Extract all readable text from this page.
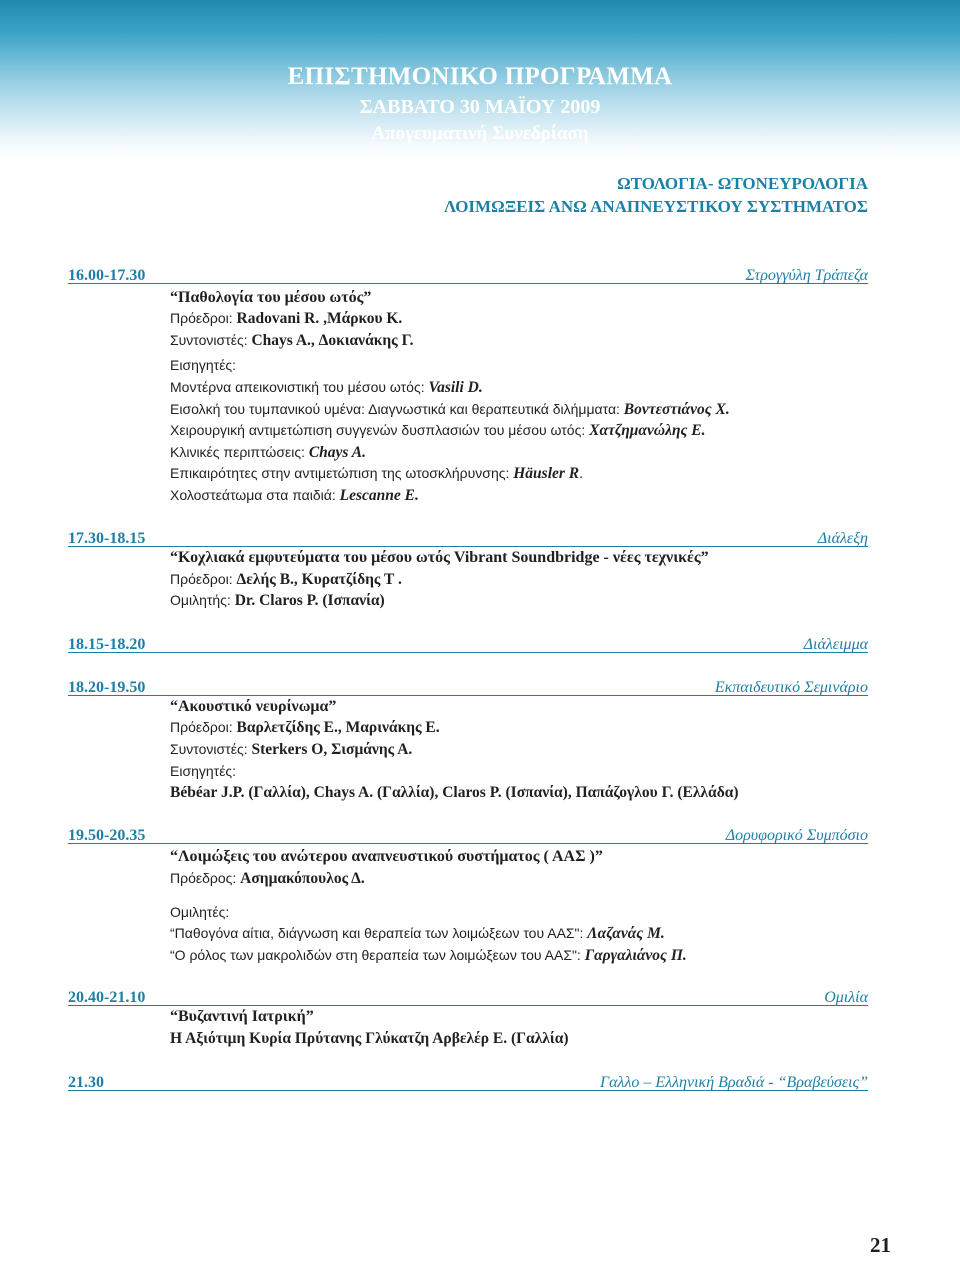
ΕΠΙΣΤΗΜΟΝΙΚΟ ΠΡΟΓΡΑΜΜΑ
ΣΑΒΒΑΤΟ 30 ΜΑΪΟΥ 2009
Απογευματινή Συνεδρίαση
ΩΤΟΛΟΓΙΑ- ΩΤΟΝΕΥΡΟΛΟΓΙΑ
ΛΟΙΜΩΞΕΙΣ ΑΝΩ ΑΝΑΠΝΕΥΣΤΙΚΟΥ ΣΥΣΤΗΜΑΤΟΣ
16.00-17.30	Στρογγύλη Τράπεζα
“Παθολογία του μέσου ωτός”
Πρόεδροι: Radovani R. ,Μάρκου Κ.
Συντονιστές: Chays A., Δοκιανάκης Γ.
Εισηγητές:
Μοντέρνα απεικονιστική του μέσου ωτός: Vasili D.
Εισολκή του τυμπανικού υμένα: Διαγνωστικά και θεραπευτικά διλήμματα: Βοντεστιάνος Χ.
Χειρουργική αντιμετώπιση συγγενών δυσπλασιών του μέσου ωτός: Χατζημανώλης Ε.
Κλινικές περιπτώσεις: Chays A.
Επικαιρότητες στην αντιμετώπιση της ωτοσκλήρυνσης: Häusler R.
Χολοστεάτωμα στα παιδιά: Lescanne E.
17.30-18.15	Διάλεξη
“Κοχλιακά εμφυτεύματα του μέσου ωτός Vibrant Soundbridge - νέες τεχνικές”
Πρόεδροι: Δελής Β., Κυρατζίδης Τ .
Ομιλητής: Dr. Claros P. (Ισπανία)
18.15-18.20	Διάλειμμα
18.20-19.50	Εκπαιδευτικό Σεμινάριο
“Ακουστικό νευρίνωμα”
Πρόεδροι: Βαρλετζίδης Ε., Μαρινάκης Ε.
Συντονιστές: Sterkers O, Σισμάνης Α.
Εισηγητές:
Bébéar J.P. (Γαλλία), Chays A. (Γαλλία), Claros P. (Ισπανία), Παπάζογλου Γ. (Ελλάδα)
19.50-20.35	Δορυφορικό Συμπόσιο
“Λοιμώξεις του ανώτερου αναπνευστικού συστήματος ( ΑΑΣ )”
Πρόεδρος: Ασημακόπουλος Δ.
Ομιλητές:
“Παθογόνα αίτια, διάγνωση και θεραπεία των λοιμώξεων του ΑΑΣ": Λαζανάς Μ.
“Ο ρόλος των μακρολιδών στη θεραπεία των λοιμώξεων του ΑΑΣ": Γαργαλιάνος Π.
20.40-21.10	Ομιλία
“Βυζαντινή Ιατρική”
Η Αξιότιμη Κυρία Πρύτανης Γλύκατζη Αρβελέρ Ε. (Γαλλία)
21.30	Γαλλο – Ελληνική Βραδιά - “Βραβεύσεις”
21
